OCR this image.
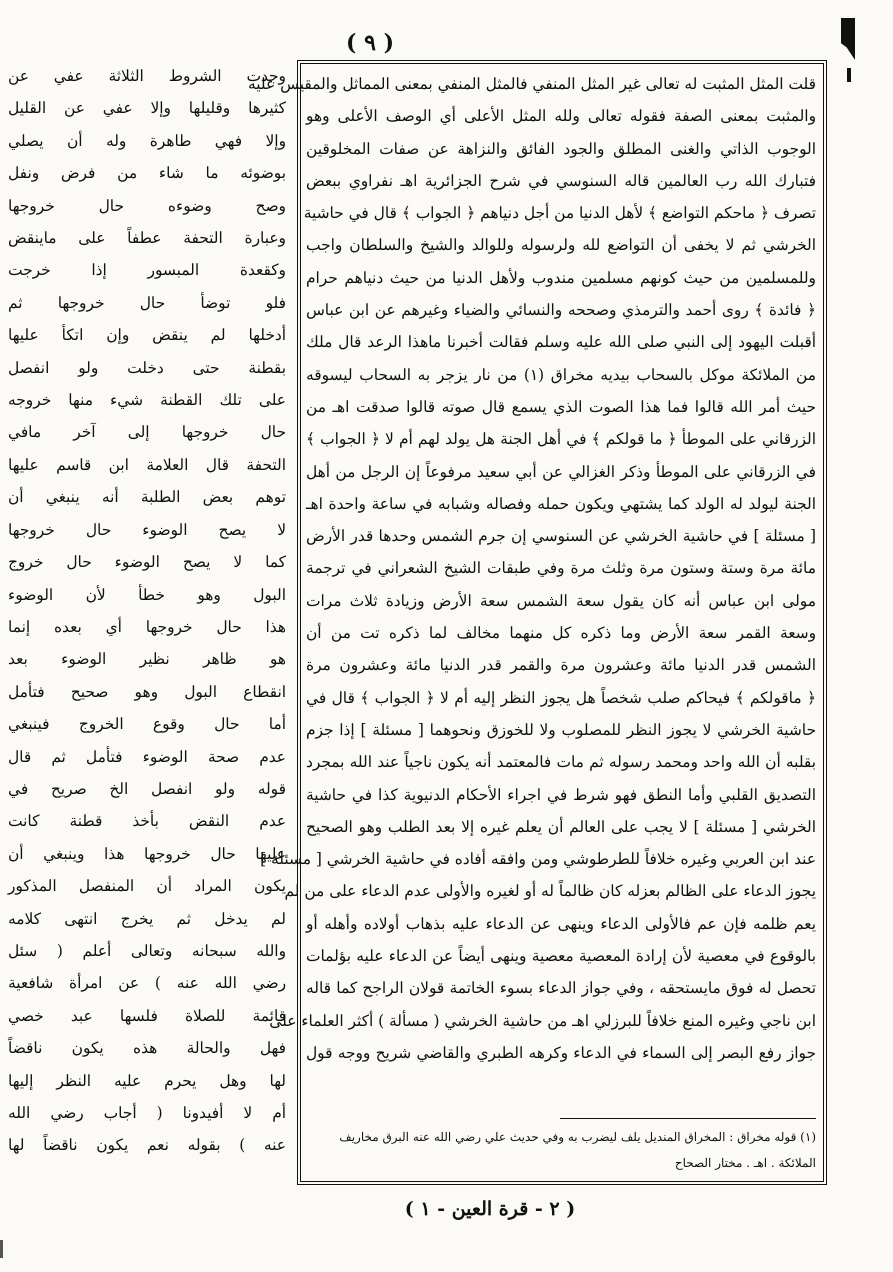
( ٩ )
قلت المثل المثبت له تعالى غير المثل المنفي فالمثل المنفي بمعنى المماثل والمقيس عليه
والمثبت بمعنى الصفة فقوله تعالى ولله المثل الأعلى أي الوصف الأعلى وهو
الوجوب الذاتي والغنى المطلق والجود الفائق والنزاهة عن صفات المخلوقين
فتبارك الله رب العالمين قاله السنوسي في شرح الجزائرية اهـ نفراوي ببعض
تصرف ﴿ ماحكم التواضع ﴾ لأهل الدنيا من أجل دنياهم ﴿ الجواب ﴾ قال في حاشية
الخرشي ثم لا يخفى أن التواضع لله ولرسوله وللوالد والشيخ والسلطان واجب
وللمسلمين من حيث كونهم مسلمين مندوب ولأهل الدنيا من حيث دنياهم حرام
﴿ فائدة ﴾ روى أحمد والترمذي وصححه والنسائي والضياء وغيرهم عن ابن عباس
أقبلت اليهود إلى النبي صلى الله عليه وسلم فقالت أخبرنا ماهذا الرعد قال ملك
من الملائكة موكل بالسحاب بيديه مخراق (١) من نار يزجر به السحاب ليسوقه
حيث أمر الله قالوا فما هذا الصوت الذي يسمع قال صوته قالوا صدقت اهـ من
الزرقاني على الموطأ ﴿ ما قولكم ﴾ في أهل الجنة هل يولد لهم أم لا ﴿ الجواب ﴾
في الزرقاني على الموطأ وذكر الغزالي عن أبي سعيد مرفوعاً إن الرجل من أهل
الجنة ليولد له الولد كما يشتهي ويكون حمله وفصاله وشبابه في ساعة واحدة اهـ
[ مسئلة ] في حاشية الخرشي عن السنوسي إن جرم الشمس وحدها قدر الأرض
مائة مرة وستة وستون مرة وثلث مرة وفي طبقات الشيخ الشعراني في ترجمة
مولى ابن عباس أنه كان يقول سعة الشمس سعة الأرض وزيادة ثلاث مرات
وسعة القمر سعة الأرض وما ذكره كل منهما مخالف لما ذكره تت من أن
الشمس قدر الدنيا مائة وعشرون مرة والقمر قدر الدنيا مائة وعشرون مرة
﴿ ماقولكم ﴾ فيحاكم صلب شخصاً هل يجوز النظر إليه أم لا ﴿ الجواب ﴾ قال في
حاشية الخرشي لا يجوز النظر للمصلوب ولا للخوزق ونحوهما [ مسئلة ] إذا جزم
بقلبه أن الله واحد ومحمد رسوله ثم مات فالمعتمد أنه يكون ناجياً عند الله بمجرد
التصديق القلبي وأما النطق فهو شرط في اجراء الأحكام الدنيوية كذا في حاشية
الخرشي [ مسئلة ] لا يجب على العالم أن يعلم غيره إلا بعد الطلب وهو الصحيح
عند ابن العربي وغيره خلافاً للطرطوشي ومن وافقه أفاده في حاشية الخرشي [ مسئلة ]
يجوز الدعاء على الظالم بعزله كان ظالماً له أو لغيره والأولى عدم الدعاء على من لم
يعم ظلمه فإن عم فالأولى الدعاء وينهى عن الدعاء عليه بذهاب أولاده وأهله أو
بالوقوع في معصية لأن إرادة المعصية معصية وينهى أيضاً عن الدعاء عليه بؤلمات
تحصل له فوق مايستحقه ، وفي جواز الدعاء بسوء الخاتمة قولان الراجح كما قاله
ابن ناجي وغيره المنع خلافاً للبرزلي اهـ من حاشية الخرشي ( مسألة ) أكثر العلماء على
جواز رفع البصر إلى السماء في الدعاء وكرهه الطبري والقاضي شريح ووجه قول
(١) قوله مخراق : المخراق المنديل يلف ليضرب به وفي حديث علي رضي الله عنه البرق مخاريف
الملائكة . اهـ . مختار الصحاح
وجدت الشروط الثلاثة عفي عن
كثيرها وقليلها وإلا عفي عن القليل
وإلا فهي طاهرة وله أن يصلي
بوضوئه ما شاء من فرض ونفل
وصح وضوءه حال خروجها
وعبارة التحفة عطفاً على ماينقض
وكقعدة المبسور إذا خرجت
فلو توضأ حال خروجها ثم
أدخلها لم ينقض وإن اتكأ عليها
بقطنة حتى دخلت ولو انفصل
على تلك القطنة شيء منها خروجه
حال خروجها إلى آخر مافي
التحفة قال العلامة ابن قاسم عليها
توهم بعض الطلبة أنه ينبغي أن
لا يصح الوضوء حال خروجها
كما لا يصح الوضوء حال خروج
البول وهو خطأ لأن الوضوء
هذا حال خروجها أي بعده إنما
هو ظاهر نظير الوضوء بعد
انقطاع البول وهو صحيح فتأمل
أما حال وقوع الخروج فينبغي
عدم صحة الوضوء فتأمل ثم قال
قوله ولو انفصل الخ صريح في
عدم النقض بأخذ قطنة كانت
عليها حال خروجها هذا وينبغي أن
يكون المراد أن المنفصل المذكور
لم يدخل ثم يخرج انتهى كلامه
والله سبحانه وتعالى أعلم ( سئل
رضي الله عنه ) عن امرأة شافعية
قائمة للصلاة فلسها عبد خصي
فهل والحالة هذه يكون ناقضاً
لها وهل يحرم عليه النظر إليها
أم لا أفيدونا ( أجاب رضي الله
عنه ) بقوله نعم يكون ناقضاً لها
( ٢ - قرة العين - ١ )
